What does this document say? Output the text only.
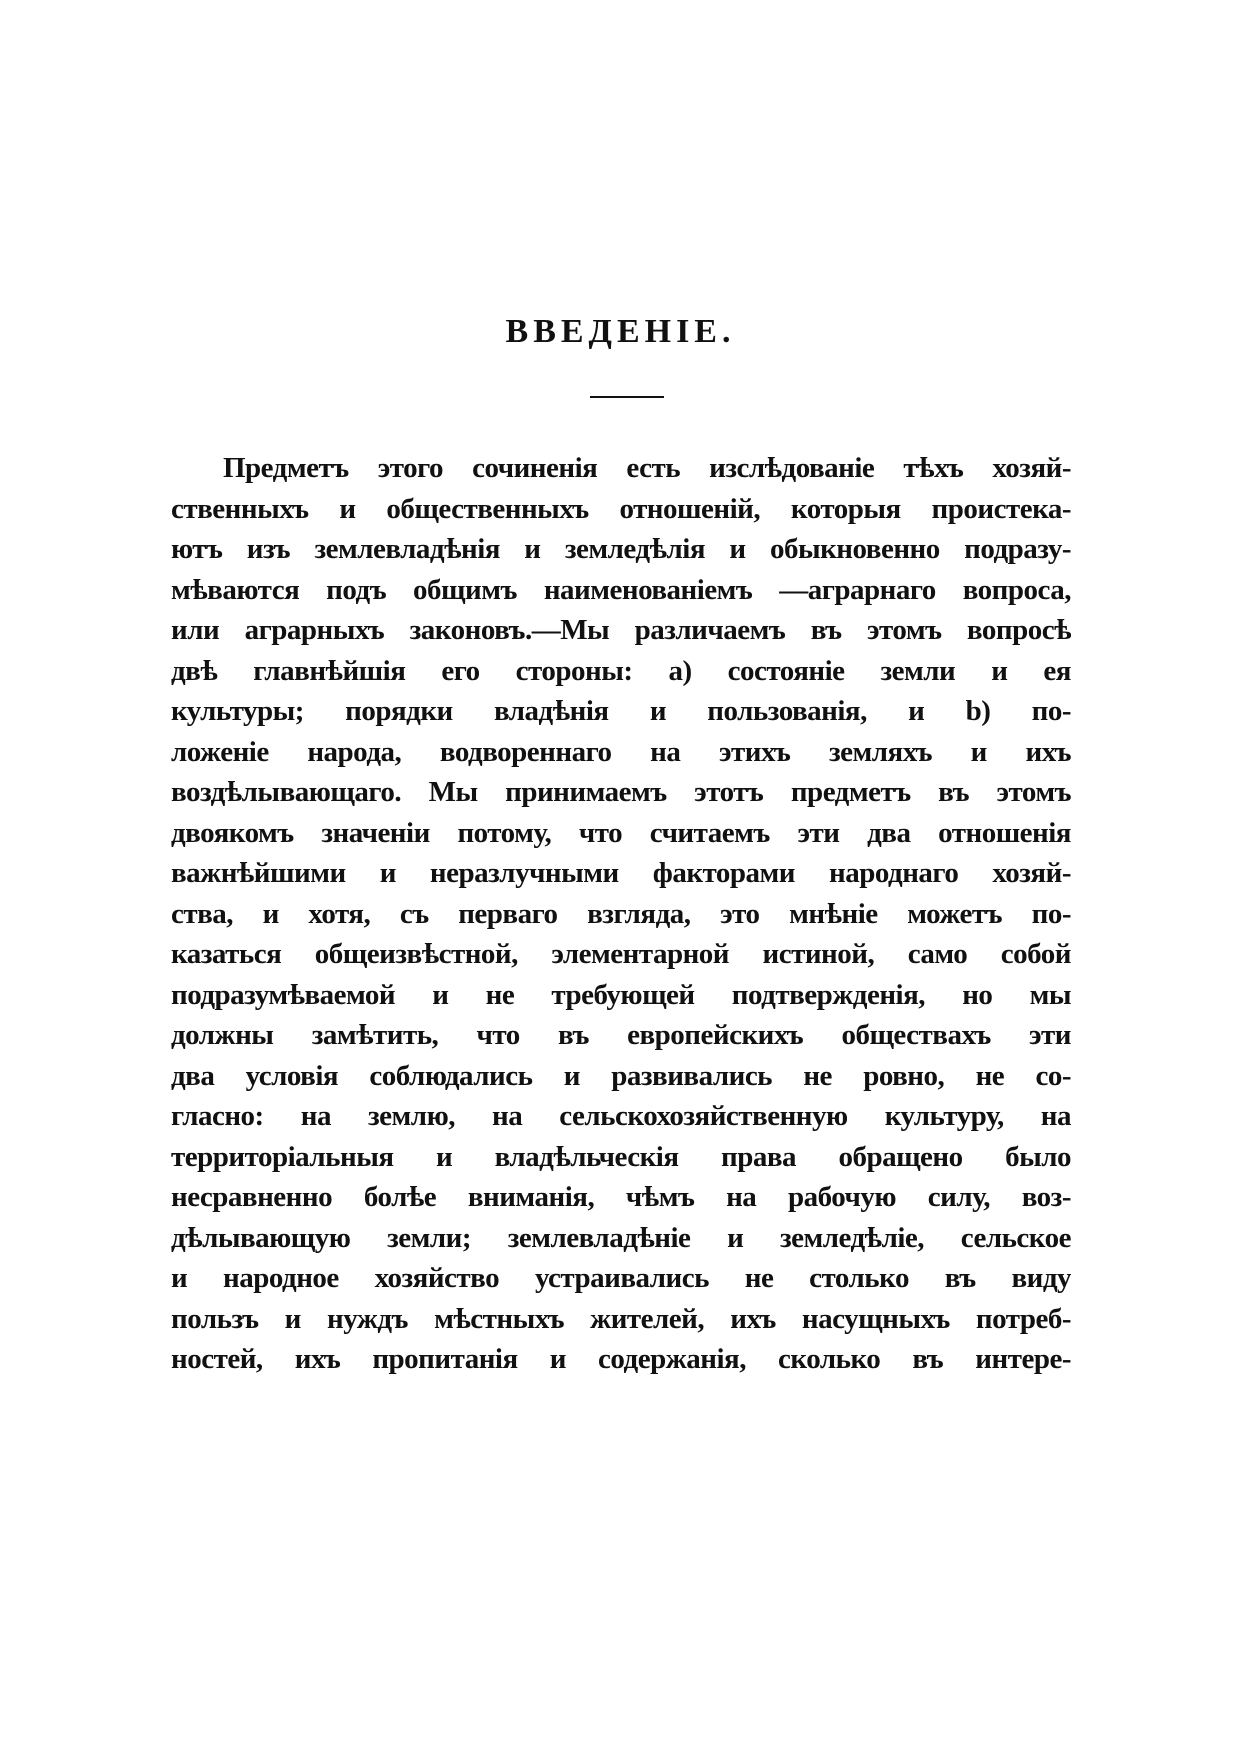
ВВЕДЕНІЕ.
Предметъ этого сочиненія есть изслѣдованіе тѣхъ хозяй-
ственныхъ и общественныхъ отношеній, которыя проистека-
ютъ изъ землевладѣнія и земледѣлія и обыкновенно подразу-
мѣваются подъ общимъ наименованіемъ —аграрнаго вопроса,
или аграрныхъ законовъ.—Мы различаемъ въ этомъ вопросѣ
двѣ главнѣйшія его стороны: а) состояніе земли и ея
культуры; порядки владѣнія и пользованія, и b) по-
ложеніе народа, водвореннаго на этихъ земляхъ и ихъ
воздѣлывающаго. Мы принимаемъ этотъ предметъ въ этомъ
двоякомъ значеніи потому, что считаемъ эти два отношенія
важнѣйшими и неразлучными факторами народнаго хозяй-
ства, и хотя, съ перваго взгляда, это мнѣніе можетъ по-
казаться общеизвѣстной, элементарной истиной, само собой
подразумѣваемой и не требующей подтвержденія, но мы
должны замѣтить, что въ европейскихъ обществахъ эти
два условія соблюдались и развивались не ровно, не со-
гласно: на землю, на сельскохозяйственную культуру, на
территоріальныя и владѣльческія права обращено было
несравненно болѣе вниманія, чѣмъ на рабочую силу, воз-
дѣлывающую земли; землевладѣніе и земледѣліе, сельское
и народное хозяйство устраивались не столько въ виду
пользъ и нуждъ мѣстныхъ жителей, ихъ насущныхъ потреб-
ностей, ихъ пропитанія и содержанія, сколько въ интере-
